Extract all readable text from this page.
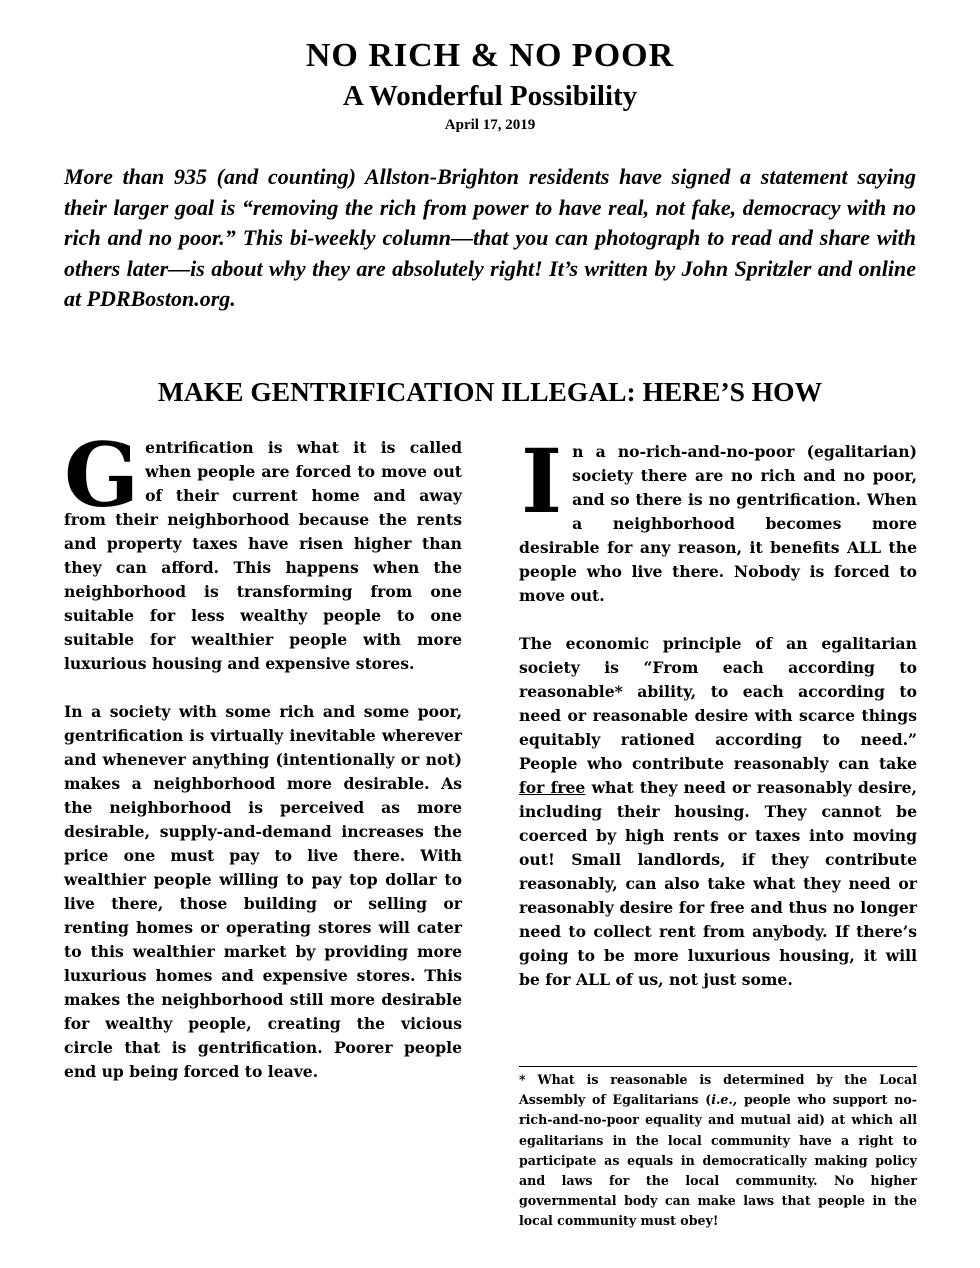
NO RICH & NO POOR
A Wonderful Possibility
April 17, 2019

More than 935 (and counting) Allston-Brighton residents have signed a statement saying their larger goal is “removing the rich from power to have real, not fake, democracy with no rich and no poor.” This bi-weekly column—that you can photograph to read and share with others later—is about why they are absolutely right! It’s written by John Spritzler and online at PDRBoston.org.

MAKE GENTRIFICATION ILLEGAL: HERE’S HOW

Gentrification is what it is called when people are forced to move out of their current home and away from their neighborhood because the rents and property taxes have risen higher than they can afford. This happens when the neighborhood is transforming from one suitable for less wealthy people to one suitable for wealthier people with more luxurious housing and expensive stores.

In a society with some rich and some poor, gentrification is virtually inevitable wherever and whenever anything (intentionally or not) makes a neighborhood more desirable. As the neighborhood is perceived as more desirable, supply-and-demand increases the price one must pay to live there. With wealthier people willing to pay top dollar to live there, those building or selling or renting homes or operating stores will cater to this wealthier market by providing more luxurious homes and expensive stores. This makes the neighborhood still more desirable for wealthy people, creating the vicious circle that is gentrification. Poorer people end up being forced to leave.

In a no-rich-and-no-poor (egalitarian) society there are no rich and no poor, and so there is no gentrification. When a neighborhood becomes more desirable for any reason, it benefits ALL the people who live there. Nobody is forced to move out.

The economic principle of an egalitarian society is “From each according to reasonable* ability, to each according to need or reasonable desire with scarce things equitably rationed according to need.” People who contribute reasonably can take for free what they need or reasonably desire, including their housing. They cannot be coerced by high rents or taxes into moving out! Small landlords, if they contribute reasonably, can also take what they need or reasonably desire for free and thus no longer need to collect rent from anybody. If there’s going to be more luxurious housing, it will be for ALL of us, not just some.

* What is reasonable is determined by the Local Assembly of Egalitarians (i.e., people who support no-rich-and-no-poor equality and mutual aid) at which all egalitarians in the local community have a right to participate as equals in democratically making policy and laws for the local community. No higher governmental body can make laws that people in the local community must obey!
